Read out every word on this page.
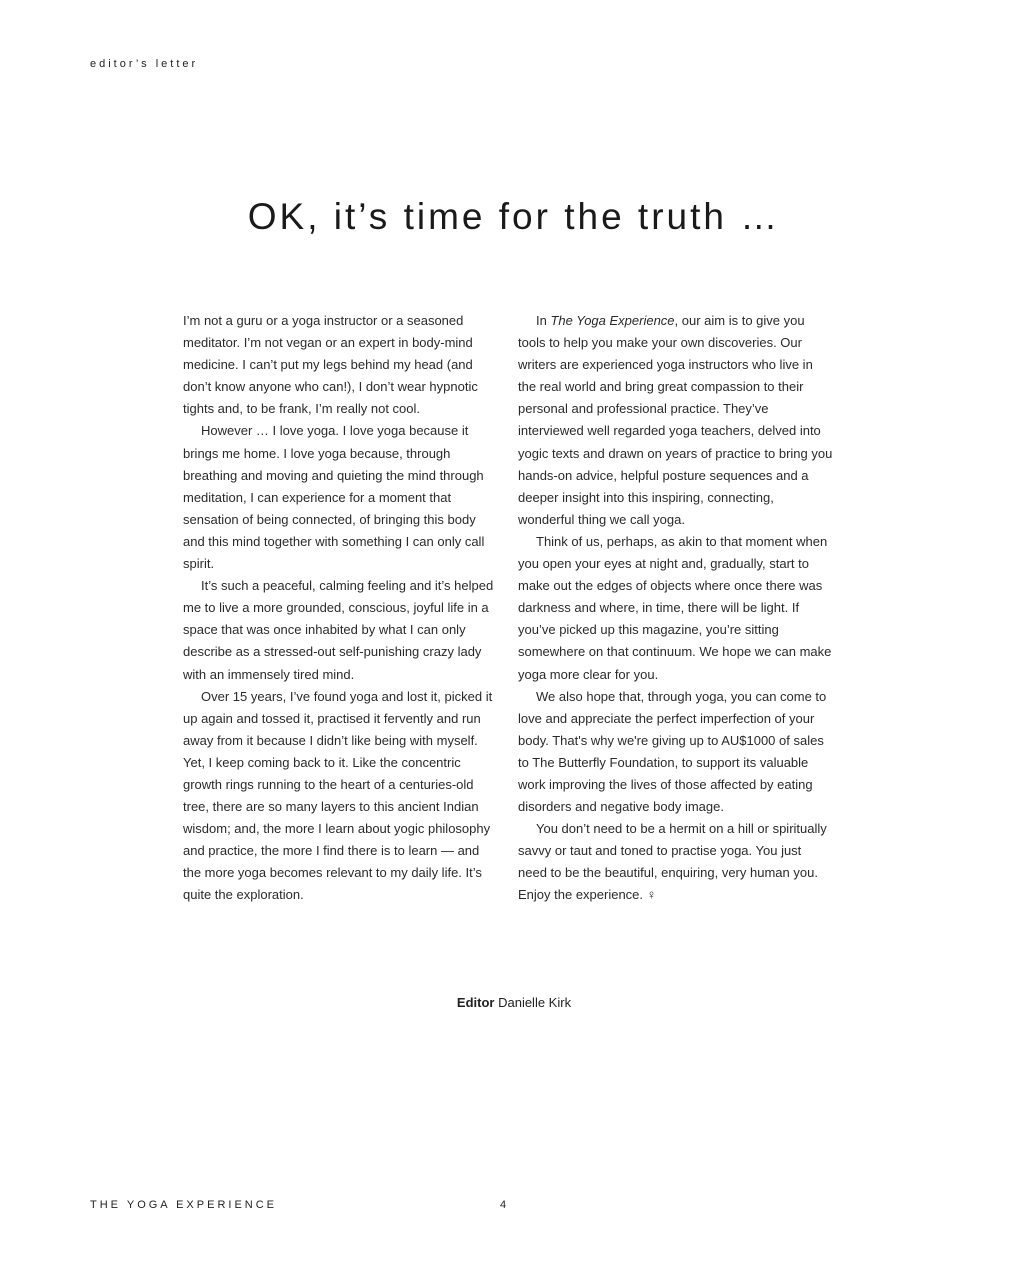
editor’s letter
OK, it’s time for the truth …

I’m not a guru or a yoga instructor or a seasoned meditator. I’m not vegan or an expert in body-mind medicine. I can’t put my legs behind my head (and don’t know anyone who can!), I don’t wear hypnotic tights and, to be frank, I’m really not cool.

However … I love yoga. I love yoga because it brings me home. I love yoga because, through breathing and moving and quieting the mind through meditation, I can experience for a moment that sensation of being connected, of bringing this body and this mind together with something I can only call spirit.

It’s such a peaceful, calming feeling and it’s helped me to live a more grounded, conscious, joyful life in a space that was once inhabited by what I can only describe as a stressed-out self-punishing crazy lady with an immensely tired mind.

Over 15 years, I’ve found yoga and lost it, picked it up again and tossed it, practised it fervently and run away from it because I didn’t like being with myself. Yet, I keep coming back to it. Like the concentric growth rings running to the heart of a centuries-old tree, there are so many layers to this ancient Indian wisdom; and, the more I learn about yogic philosophy and practice, the more I find there is to learn — and the more yoga becomes relevant to my daily life. It’s quite the exploration.

In The Yoga Experience, our aim is to give you tools to help you make your own discoveries. Our writers are experienced yoga instructors who live in the real world and bring great compassion to their personal and professional practice. They’ve interviewed well regarded yoga teachers, delved into yogic texts and drawn on years of practice to bring you hands-on advice, helpful posture sequences and a deeper insight into this inspiring, connecting, wonderful thing we call yoga.

Think of us, perhaps, as akin to that moment when you open your eyes at night and, gradually, start to make out the edges of objects where once there was darkness and where, in time, there will be light. If you’ve picked up this magazine, you’re sitting somewhere on that continuum. We hope we can make yoga more clear for you.

We also hope that, through yoga, you can come to love and appreciate the perfect imperfection of your body. That's why we're giving up to AU$1000 of sales to The Butterfly Foundation, to support its valuable work improving the lives of those affected by eating disorders and negative body image.

You don’t need to be a hermit on a hill or spiritually savvy or taut and toned to practise yoga. You just need to be the beautiful, enquiring, very human you. Enjoy the experience. ♀

Editor Danielle Kirk
THE YOGA EXPERIENCE	4
